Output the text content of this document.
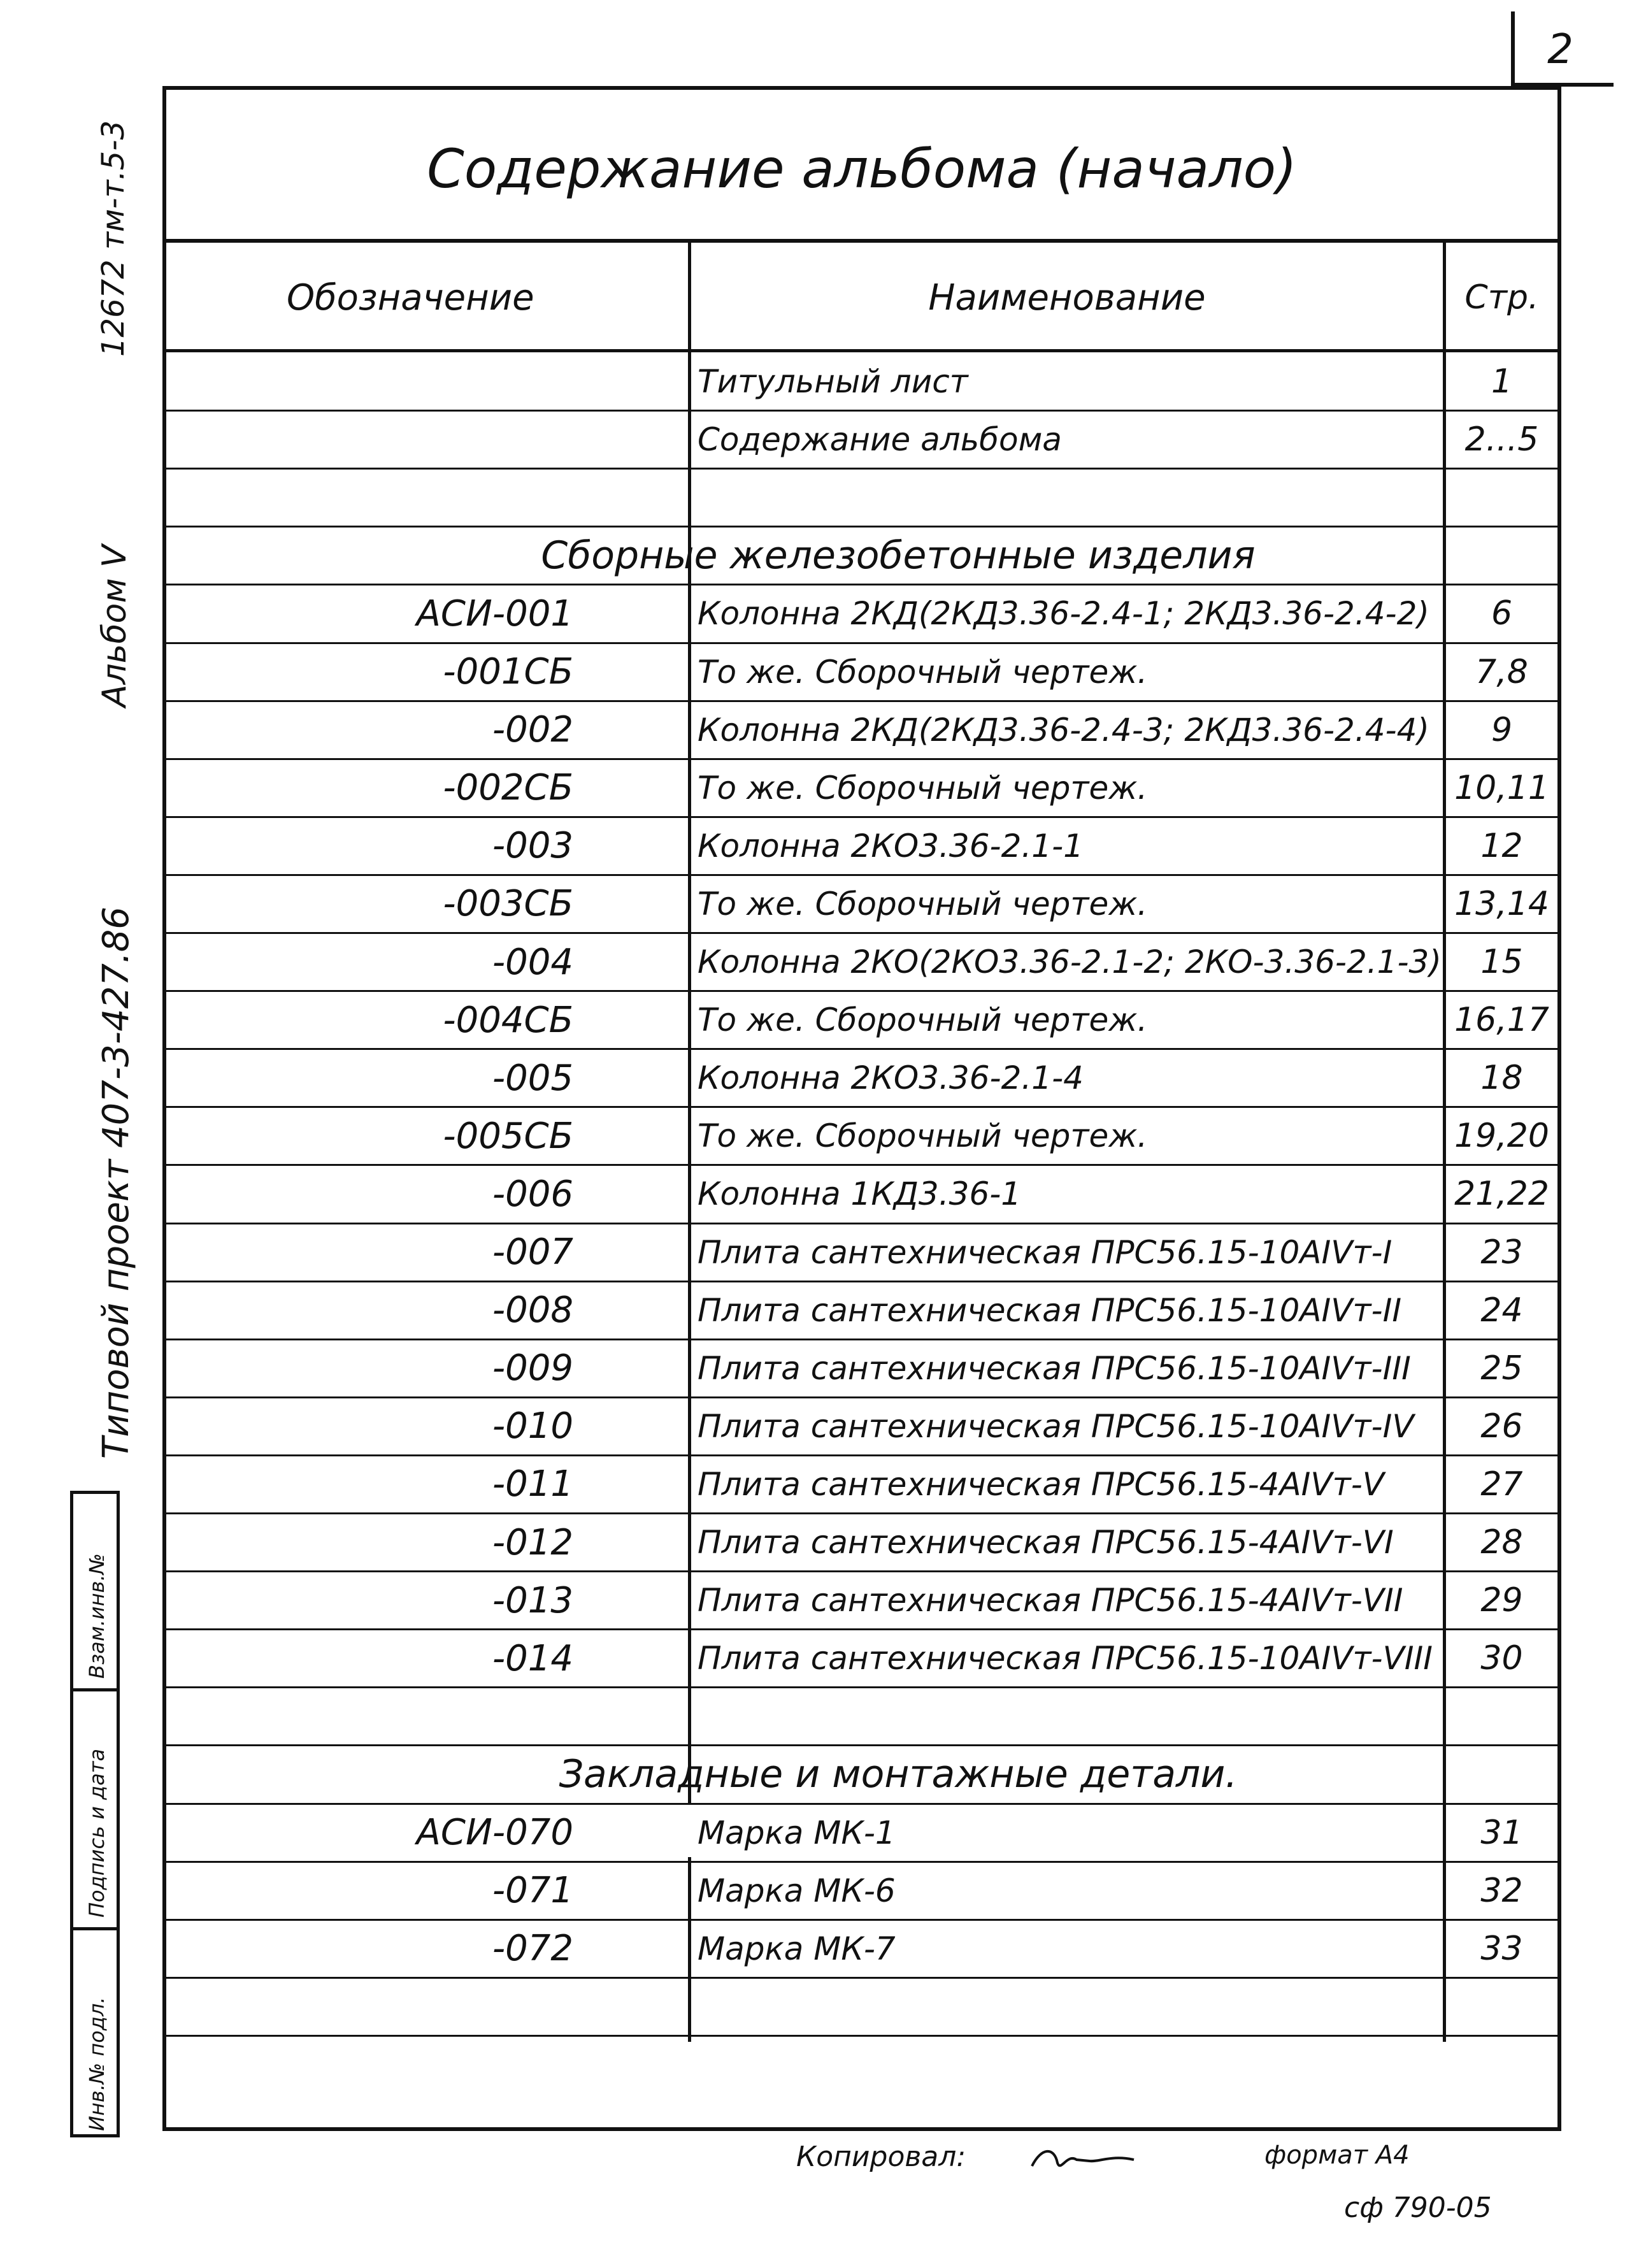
2
12672 тм-т.5-3
Альбом V
Типовой проект 407-3-427.86
Взам.инв.№
Подпись и дата
Инв.№ подл.
Содержание альбома (начало)
Обозначение	Наименование	Стр.
Титульный лист	1
Содержание альбома	2...5
Сборные железобетонные изделия
АСИ-001	Колонна 2КД(2КД3.36-2.4-1; 2КД3.36-2.4-2)	6
-001СБ	То же. Сборочный чертеж.	7,8
-002	Колонна 2КД(2КД3.36-2.4-3; 2КД3.36-2.4-4)	9
-002СБ	То же. Сборочный чертеж.	10,11
-003	Колонна 2КО3.36-2.1-1	12
-003СБ	То же. Сборочный чертеж.	13,14
-004	Колонна 2КО(2КО3.36-2.1-2; 2КО-3.36-2.1-3)	15
-004СБ	То же. Сборочный чертеж.	16,17
-005	Колонна 2КО3.36-2.1-4	18
-005СБ	То же. Сборочный чертеж.	19,20
-006	Колонна 1КД3.36-1	21,22
-007	Плита сантехническая ПРС56.15-10АIVт-I	23
-008	Плита сантехническая ПРС56.15-10АIVт-II	24
-009	Плита сантехническая ПРС56.15-10АIVт-III	25
-010	Плита сантехническая ПРС56.15-10АIVт-IV	26
-011	Плита сантехническая ПРС56.15-4АIVт-V	27
-012	Плита сантехническая ПРС56.15-4АIVт-VI	28
-013	Плита сантехническая ПРС56.15-4АIVт-VII	29
-014	Плита сантехническая ПРС56.15-10АIVт-VIII	30
Закладные и монтажные детали.
АСИ-070	Марка МК-1	31
-071	Марка МК-6	32
-072	Марка МК-7	33
Копировал:	формат А4
сф 790-05
